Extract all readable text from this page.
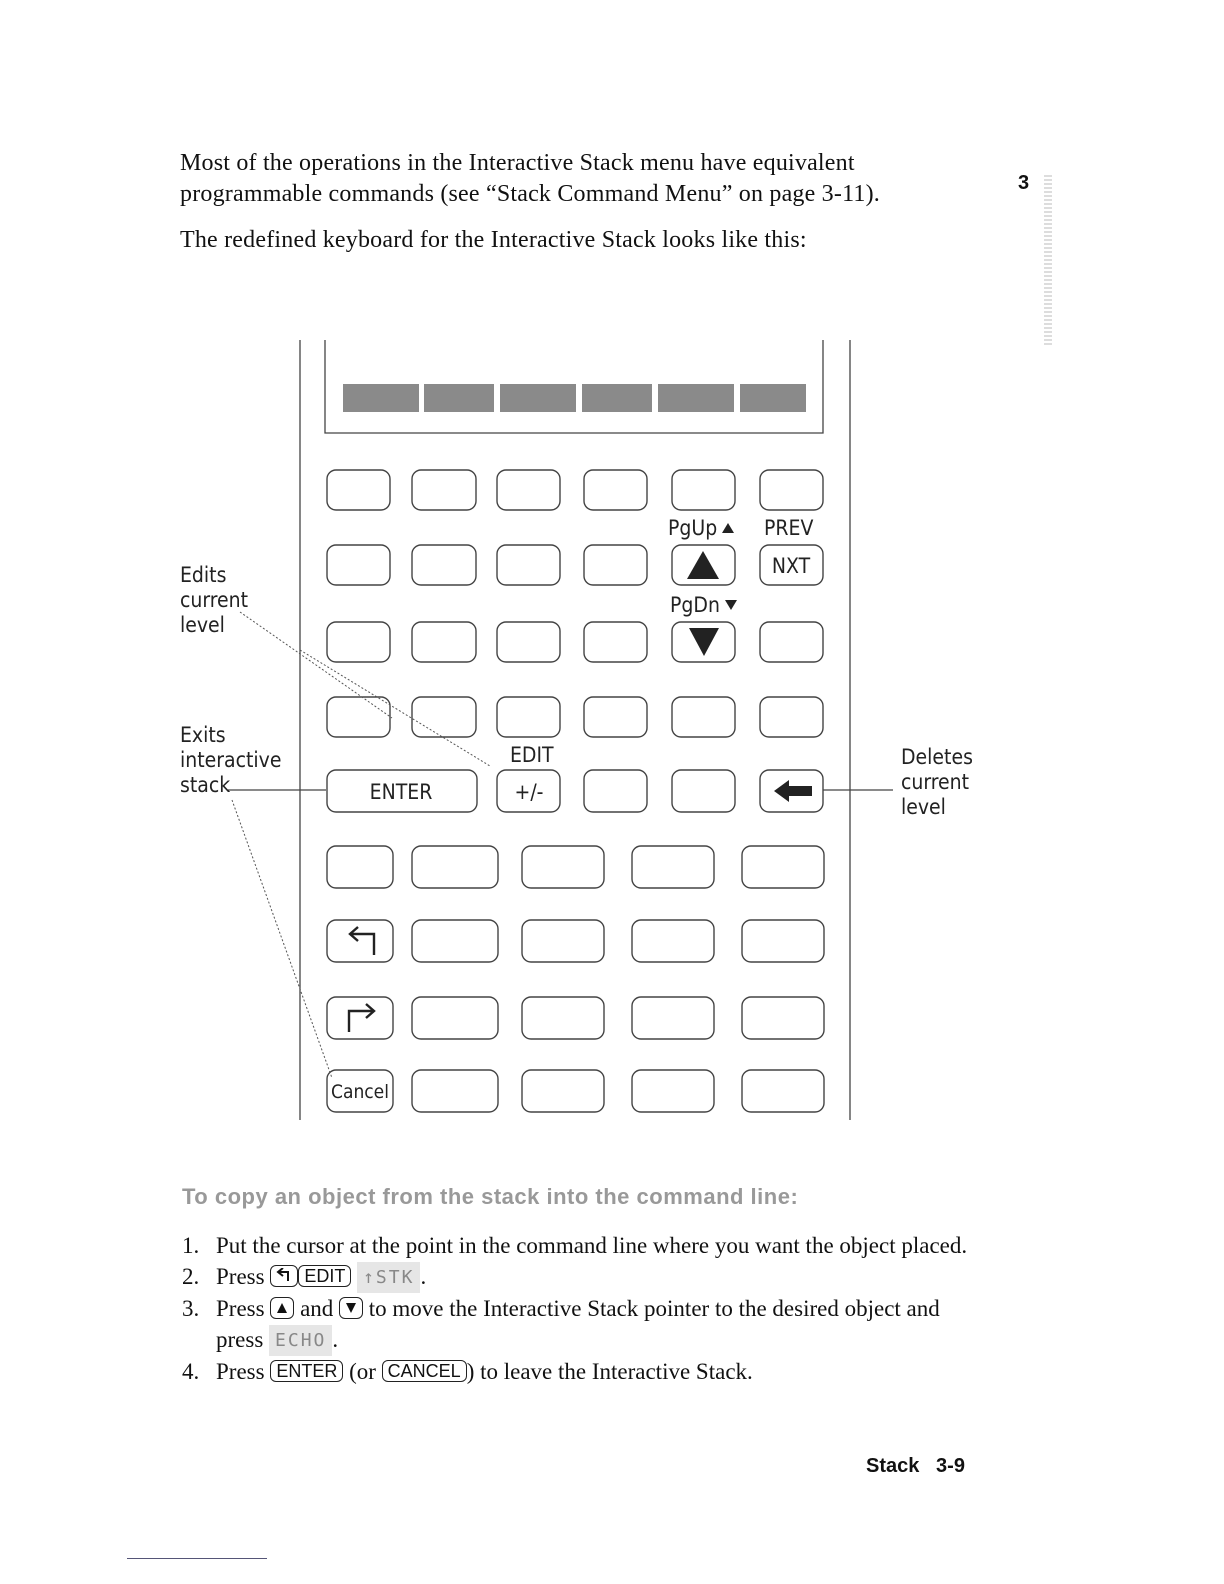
Most of the operations in the Interactive Stack menu have equivalent programmable commands (see “Stack Command Menu” on page 3-11).
The redefined keyboard for the Interactive Stack looks like this:
3
PgUp PREV
NXT
PgDn
EDIT
ENTER	+/-
Cancel
Edits
current
level
Exits
interactive
stack
Deletes
current
level
To copy an object from the stack into the command line:
1. Put the cursor at the point in the command line where you want the object placed.
2. Press EDIT ↑STK .
3. Press and to move the Interactive Stack pointer to the desired object and press ECHO .
4. Press ENTER (or CANCEL ) to leave the Interactive Stack.
Stack 3-9
